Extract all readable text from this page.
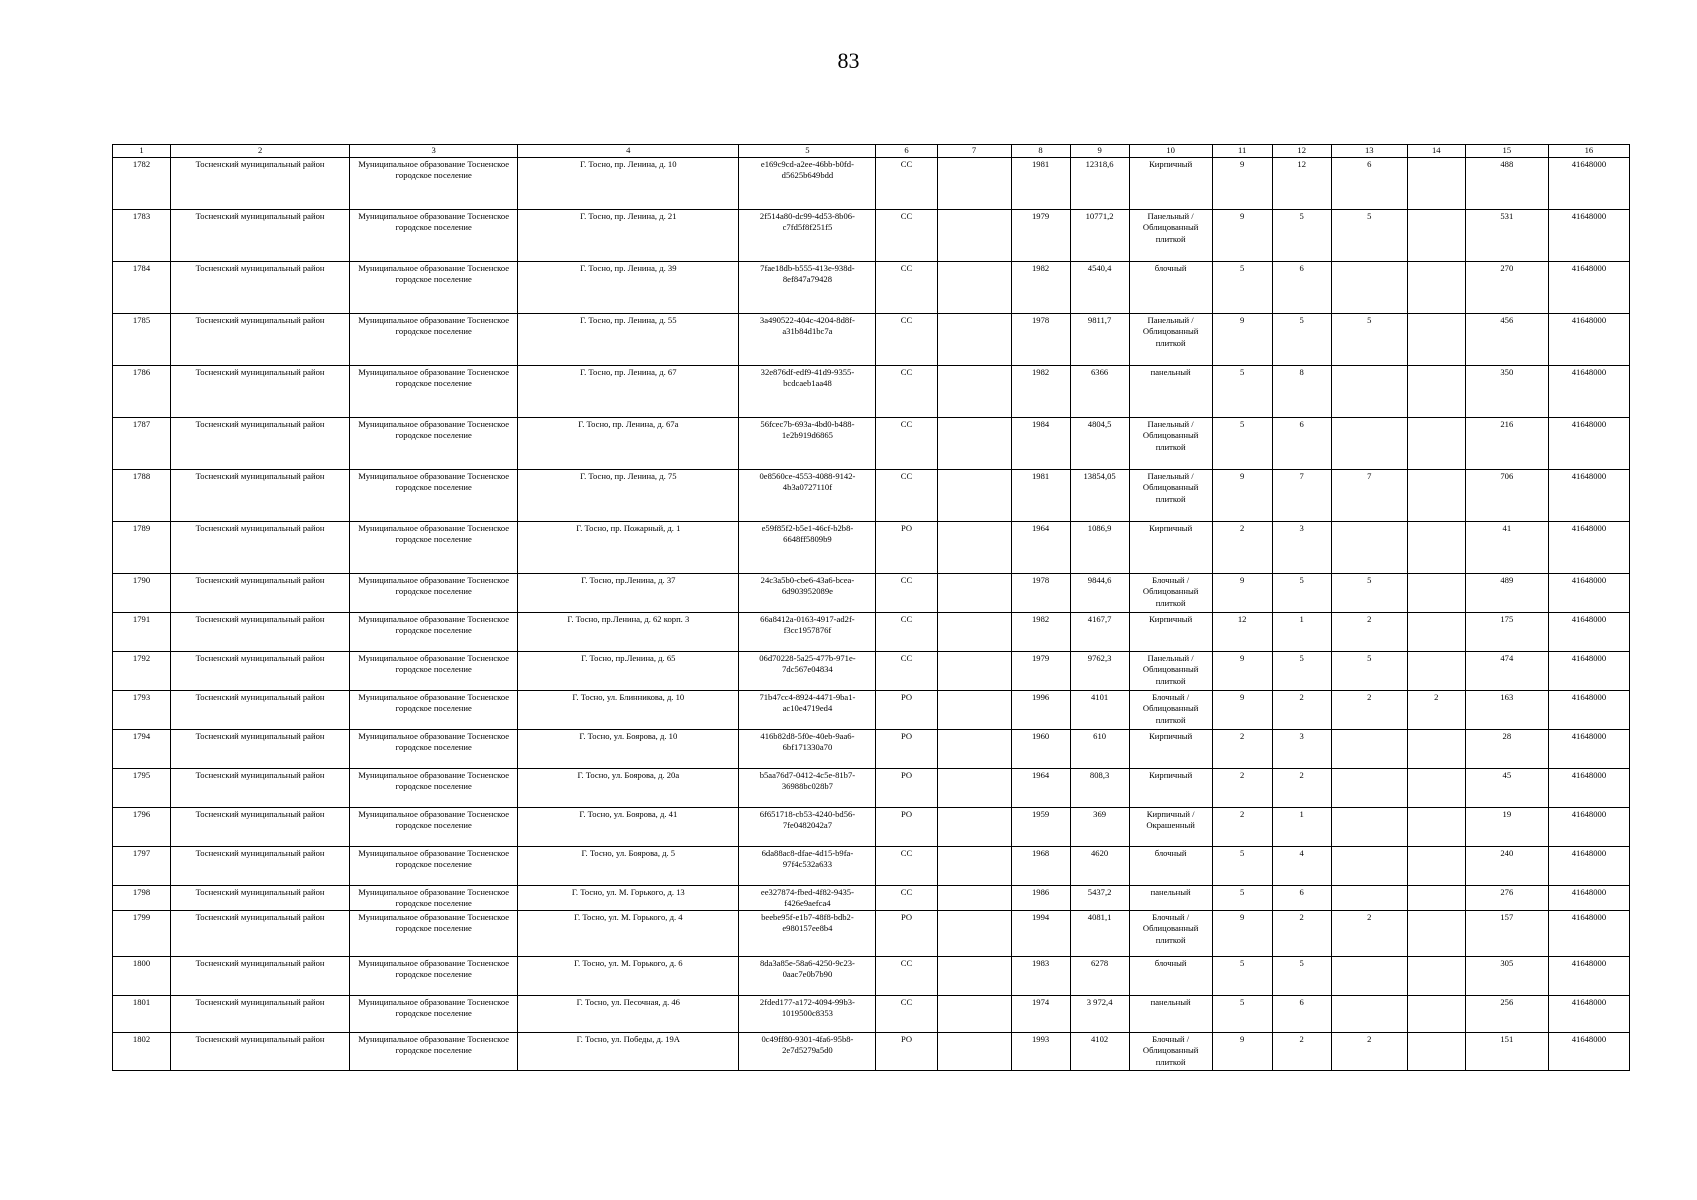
83
1	2	3	4	5	6	7	8	9	10	11	12	13	14	15	16
1782	Тосненский муниципальный район	Муниципальное образование Тосненское городское поселение	Г. Тосно, пр. Ленина, д. 10	e169c9cd-a2ee-46bb-b0fd-d5625b649bdd	СС		1981	12318,6	Кирпичный	9	12	6		488	41648000
1783	Тосненский муниципальный район	Муниципальное образование Тосненское городское поселение	Г. Тосно, пр. Ленина, д. 21	2f514a80-dc99-4d53-8b06-c7fd5f8f251f5	СС		1979	10771,2	Панельный / Облицованный плиткой	9	5	5		531	41648000
1784	Тосненский муниципальный район	Муниципальное образование Тосненское городское поселение	Г. Тосно, пр. Ленина, д. 39	7fae18db-b555-413e-938d-8ef847a79428	СС		1982	4540,4	блочный	5	6			270	41648000
1785	Тосненский муниципальный район	Муниципальное образование Тосненское городское поселение	Г. Тосно, пр. Ленина, д. 55	3a490522-404c-4204-8d8f-a31b84d1bc7a	СС		1978	9811,7	Панельный / Облицованный плиткой	9	5	5		456	41648000
1786	Тосненский муниципальный район	Муниципальное образование Тосненское городское поселение	Г. Тосно, пр. Ленина, д. 67	32e876df-edf9-41d9-9355-bcdcaeb1aa48	СС		1982	6366	панельный	5	8			350	41648000
1787	Тосненский муниципальный район	Муниципальное образование Тосненское городское поселение	Г. Тосно, пр. Ленина, д. 67а	56fcec7b-693a-4bd0-b488-1e2b919d6865	СС		1984	4804,5	Панельный / Облицованный плиткой	5	6			216	41648000
1788	Тосненский муниципальный район	Муниципальное образование Тосненское городское поселение	Г. Тосно, пр. Ленина, д. 75	0e8560ce-4553-4088-9142-4b3a0727110f	СС		1981	13854,05	Панельный / Облицованный плиткой	9	7	7		706	41648000
1789	Тосненский муниципальный район	Муниципальное образование Тосненское городское поселение	Г. Тосно, пр. Пожарный, д. 1	e59f85f2-b5e1-46cf-b2b8-6648ff5809b9	РО		1964	1086,9	Кирпичный	2	3			41	41648000
1790	Тосненский муниципальный район	Муниципальное образование Тосненское городское поселение	Г. Тосно, пр.Ленина, д. 37	24c3a5b0-cbe6-43a6-bcea-6d903952089e	СС		1978	9844,6	Блочный / Облицованный плиткой	9	5	5		489	41648000
1791	Тосненский муниципальный район	Муниципальное образование Тосненское городское поселение	Г. Тосно, пр.Ленина, д. 62 корп. 3	66a8412a-0163-4917-ad2f-f3cc1957876f	СС		1982	4167,7	Кирпичный	12	1	2		175	41648000
1792	Тосненский муниципальный район	Муниципальное образование Тосненское городское поселение	Г. Тосно, пр.Ленина, д. 65	06d70228-5a25-477b-971e-7dc567e04834	СС		1979	9762,3	Панельный / Облицованный плиткой	9	5	5		474	41648000
1793	Тосненский муниципальный район	Муниципальное образование Тосненское городское поселение	Г. Тосно, ул. Блинникова, д. 10	71b47cc4-8924-4471-9ba1-ac10e4719ed4	РО		1996	4101	Блочный / Облицованный плиткой	9	2	2	2	163	41648000
1794	Тосненский муниципальный район	Муниципальное образование Тосненское городское поселение	Г. Тосно, ул. Боярова, д. 10	416b82d8-5f0e-40eb-9aa6-6bf171330a70	РО		1960	610	Кирпичный	2	3			28	41648000
1795	Тосненский муниципальный район	Муниципальное образование Тосненское городское поселение	Г. Тосно, ул. Боярова, д. 20а	b5aa76d7-0412-4c5e-81b7-36988bc028b7	РО		1964	808,3	Кирпичный	2	2			45	41648000
1796	Тосненский муниципальный район	Муниципальное образование Тосненское городское поселение	Г. Тосно, ул. Боярова, д. 41	6f651718-cb53-4240-bd56-7fe0482042a7	РО		1959	369	Кирпичный / Окрашенный	2	1			19	41648000
1797	Тосненский муниципальный район	Муниципальное образование Тосненское городское поселение	Г. Тосно, ул. Боярова, д. 5	6da88ac8-dfae-4d15-b9fa-97f4c532a633	СС		1968	4620	блочный	5	4			240	41648000
1798	Тосненский муниципальный район	Муниципальное образование Тосненское городское поселение	Г. Тосно, ул. М. Горького, д. 13	ee327874-fbed-4f82-9435-f426e9aefca4	СС		1986	5437,2	панельный	5	6			276	41648000
1799	Тосненский муниципальный район	Муниципальное образование Тосненское городское поселение	Г. Тосно, ул. М. Горького, д. 4	beebe95f-e1b7-48f8-bdb2-e980157ee8b4	РО		1994	4081,1	Блочный / Облицованный плиткой	9	2	2		157	41648000
1800	Тосненский муниципальный район	Муниципальное образование Тосненское городское поселение	Г. Тосно, ул. М. Горького, д. 6	8da3a85e-58a6-4250-9c23-0aac7e0b7b90	СС		1983	6278	блочный	5	5			305	41648000
1801	Тосненский муниципальный район	Муниципальное образование Тосненское городское поселение	Г. Тосно, ул. Песочная, д. 46	2fded177-a172-4094-99b3-1019500c8353	СС		1974	3 972,4	панельный	5	6			256	41648000
1802	Тосненский муниципальный район	Муниципальное образование Тосненское городское поселение	Г. Тосно, ул. Победы, д. 19А	0c49ff80-9301-4fa6-95b8-2e7d5279a5d0	РО		1993	4102	Блочный / Облицованный плиткой	9	2	2		151	41648000
